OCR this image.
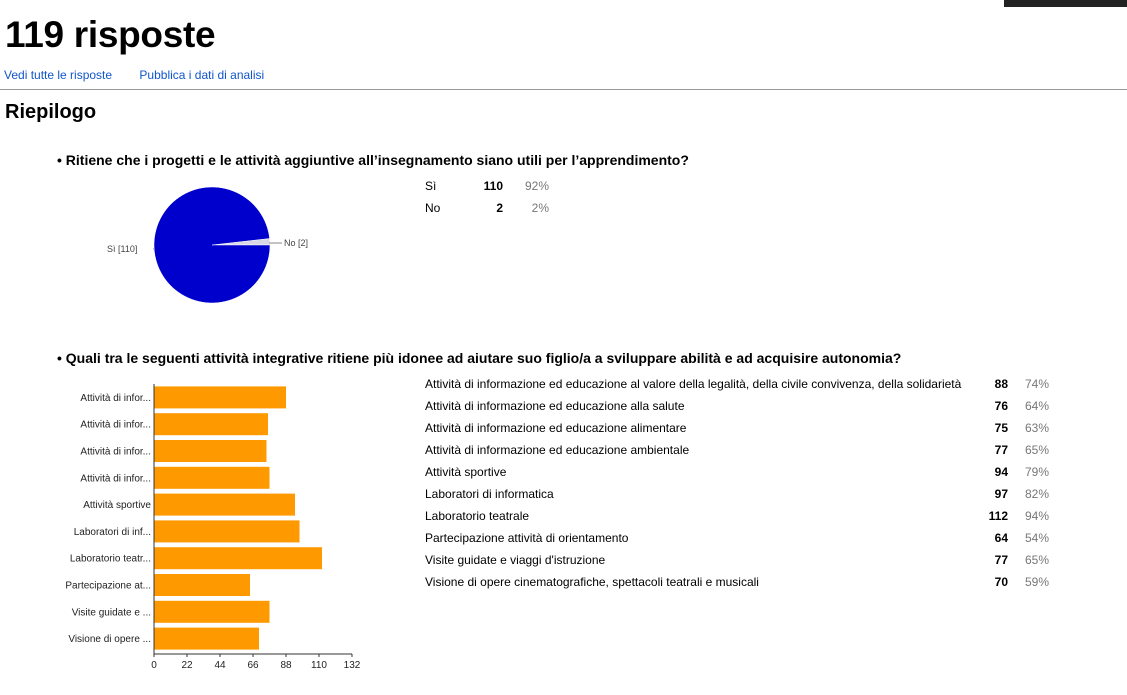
119 risposte
Vedi tutte le risposte Pubblica i dati di analisi
Riepilogo
• Ritiene che i progetti e le attività aggiuntive all’insegnamento siano utili per l’apprendimento?
Sì [110]
No [2]
Sì	110	92%
No	2	2%
• Quali tra le seguenti attività integrative ritiene più idonee ad aiutare suo figlio/a a sviluppare abilità e ad acquisire autonomia?
Attività di infor...
Attività di infor...
Attività di infor...
Attività di infor...
Attività sportive
Laboratori di inf...
Laboratorio teatr...
Partecipazione at...
Visite guidate e ...
Visione di opere ...
0 22 44 66 88 110 132
Attività di informazione ed educazione al valore della legalità, della civile convivenza, della solidarietà	88	74%
Attività di informazione ed educazione alla salute	76	64%
Attività di informazione ed educazione alimentare	75	63%
Attività di informazione ed educazione ambientale	77	65%
Attività sportive	94	79%
Laboratori di informatica	97	82%
Laboratorio teatrale	112	94%
Partecipazione attività di orientamento	64	54%
Visite guidate e viaggi d'istruzione	77	65%
Visione di opere cinematografiche, spettacoli teatrali e musicali	70	59%
